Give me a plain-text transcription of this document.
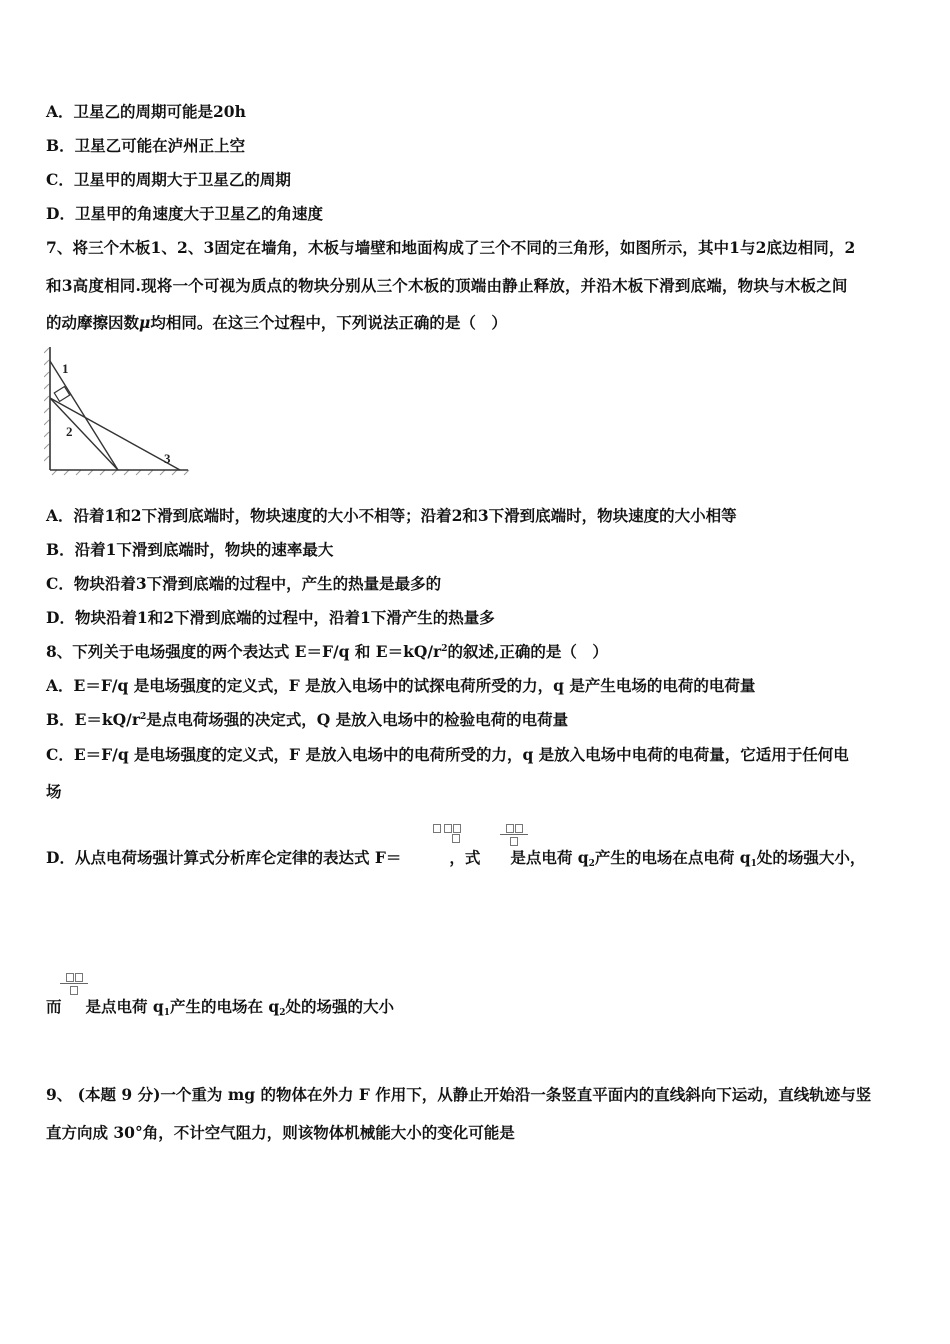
A．卫星乙的周期可能是20h
B．卫星乙可能在泸州正上空
C．卫星甲的周期大于卫星乙的周期
D．卫星甲的角速度大于卫星乙的角速度
7、将三个木板1、2、3固定在墙角，木板与墙壁和地面构成了三个不同的三角形，如图所示，其中1与2底边相同，2
和3高度相同.现将一个可视为质点的物块分别从三个木板的顶端由静止释放，并沿木板下滑到底端，物块与木板之间
的动摩擦因数μ均相同。在这三个过程中，下列说法正确的是（　）
1
2
3
A．沿着1和2下滑到底端时，物块速度的大小不相等；沿着2和3下滑到底端时，物块速度的大小相等
B．沿着1下滑到底端时，物块的速率最大
C．物块沿着3下滑到底端的过程中，产生的热量是最多的
D．物块沿着1和2下滑到底端的过程中，沿着1下滑产生的热量多
8、下列关于电场强度的两个表达式 E＝F/q 和 $E=kQ/r^2$的叙述,正确的是（　）
A．E＝F/q 是电场强度的定义式，F 是放入电场中的试探电荷所受的力，q 是产生电场的电荷的电荷量
B．$E=kQ/r^2$是点电荷场强的决定式，Q 是放入电场中的检验电荷的电荷量
C．E＝F/q 是电场强度的定义式，F 是放入电场中的电荷所受的力，q 是放入电场中电荷的电荷量，它适用于任何电
场

D．从点电荷场强计算式分析库仑定律的表达式 F＝	，式 是点电荷 $q_2$产生的电场在点电荷 $q_1$处的场强大小，
而 是点电荷 $q_1$产生的电场在 $q_2$处的场强的大小
9、 (本题 9 分)一个重为 mg 的物体在外力 F 作用下，从静止开始沿一条竖直平面内的直线斜向下运动，直线轨迹与竖
直方向成 30°角，不计空气阻力，则该物体机械能大小的变化可能是
